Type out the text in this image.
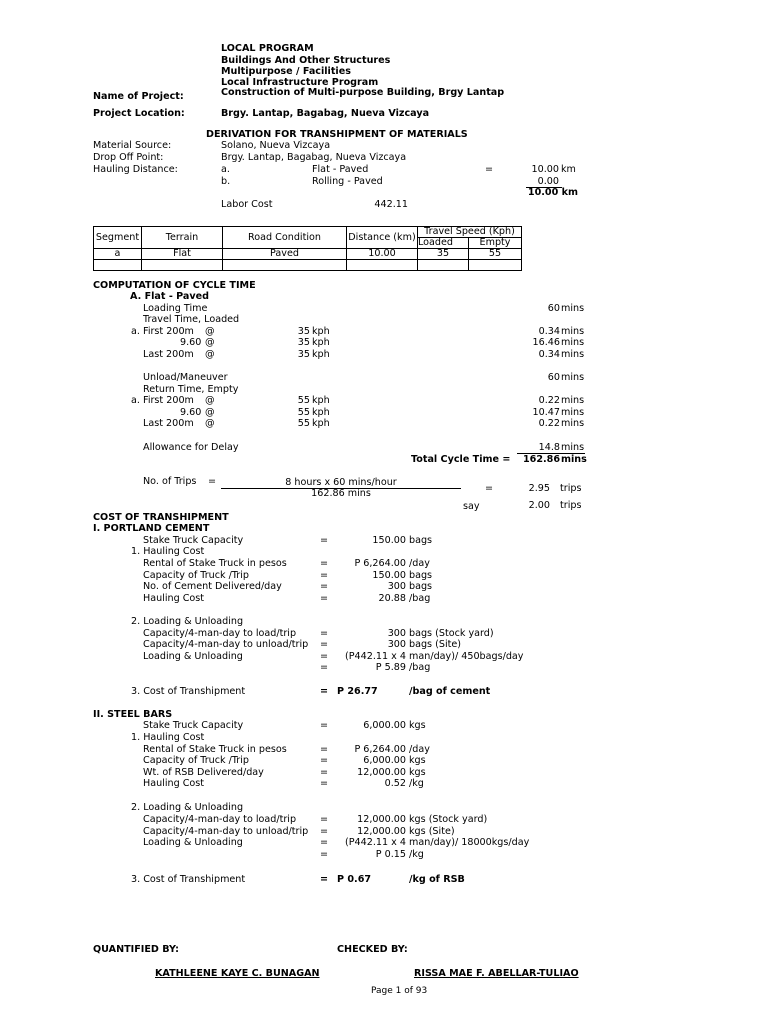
LOCAL PROGRAM
Buildings And Other Structures
Multipurpose / Facilities
Local Infrastructure Program
Construction of Multi-purpose Building, Brgy Lantap
Name of Project:
Project Location:	Brgy. Lantap, Bagabag, Nueva Vizcaya
DERIVATION FOR TRANSHIPMENT OF MATERIALS
Material Source:	Solano, Nueva Vizcaya
Drop Off Point:	Brgy. Lantap, Bagabag, Nueva Vizcaya
Hauling Distance:	a.	Flat - Paved	=	10.00 km
b.	Rolling - Paved	0.00
10.00 km
Labor Cost	442.11
Segment	Terrain	Road Condition	Distance (km)	Travel Speed (Kph)	
				Loaded	Empty
a	Flat	Paved	10.00	35	55

COMPUTATION OF CYCLE TIME
A. Flat - Paved
Loading Time	60 mins
Travel Time, Loaded
a. First 200m @	35 kph	0.34 mins
9.60 @	35 kph	16.46 mins
Last 200m @	35 kph	0.34 mins
Unload/Maneuver	60 mins
Return Time, Empty
a. First 200m @	55 kph	0.22 mins
9.60 @	55 kph	10.47 mins
Last 200m @	55 kph	0.22 mins
Allowance for Delay	14.8 mins
Total Cycle Time =	162.86 mins
No. of Trips =	8 hours x 60 mins/hour
162.86 mins	=	2.95 trips
say	2.00 trips
COST OF TRANSHIPMENT
I. PORTLAND CEMENT
Stake Truck Capacity	=	150.00 bags
1. Hauling Cost
Rental of Stake Truck in pesos	=	P 6,264.00 /day
Capacity of Truck /Trip	=	150.00 bags
No. of Cement Delivered/day	=	300 bags
Hauling Cost	=	20.88 /bag
2. Loading & Unloading
Capacity/4-man-day to load/trip =	300 bags (Stock yard)
Capacity/4-man-day to unload/trip =	300 bags (Site)
Loading & Unloading	= (P442.11 x 4 man/day)/ 450bags/day
=	P 5.89 /bag
3. Cost of Transhipment	= P 26.77	/bag of cement
II. STEEL BARS
Stake Truck Capacity	=	6,000.00 kgs
1. Hauling Cost
Rental of Stake Truck in pesos	=	P 6,264.00 /day
Capacity of Truck /Trip	=	6,000.00 kgs
Wt. of RSB Delivered/day	=	12,000.00 kgs
Hauling Cost	=	0.52 /kg
2. Loading & Unloading
Capacity/4-man-day to load/trip =	12,000.00 kgs (Stock yard)
Capacity/4-man-day to unload/trip =	12,000.00 kgs (Site)
Loading & Unloading	= (P442.11 x 4 man/day)/ 18000kgs/day
=	P 0.15 /kg
3. Cost of Transhipment	= P 0.67	/kg of RSB
QUANTIFIED BY:	CHECKED BY:
KATHLEENE KAYE C. BUNAGAN	RISSA MAE F. ABELLAR-TULIAO
Page 1 of 93
